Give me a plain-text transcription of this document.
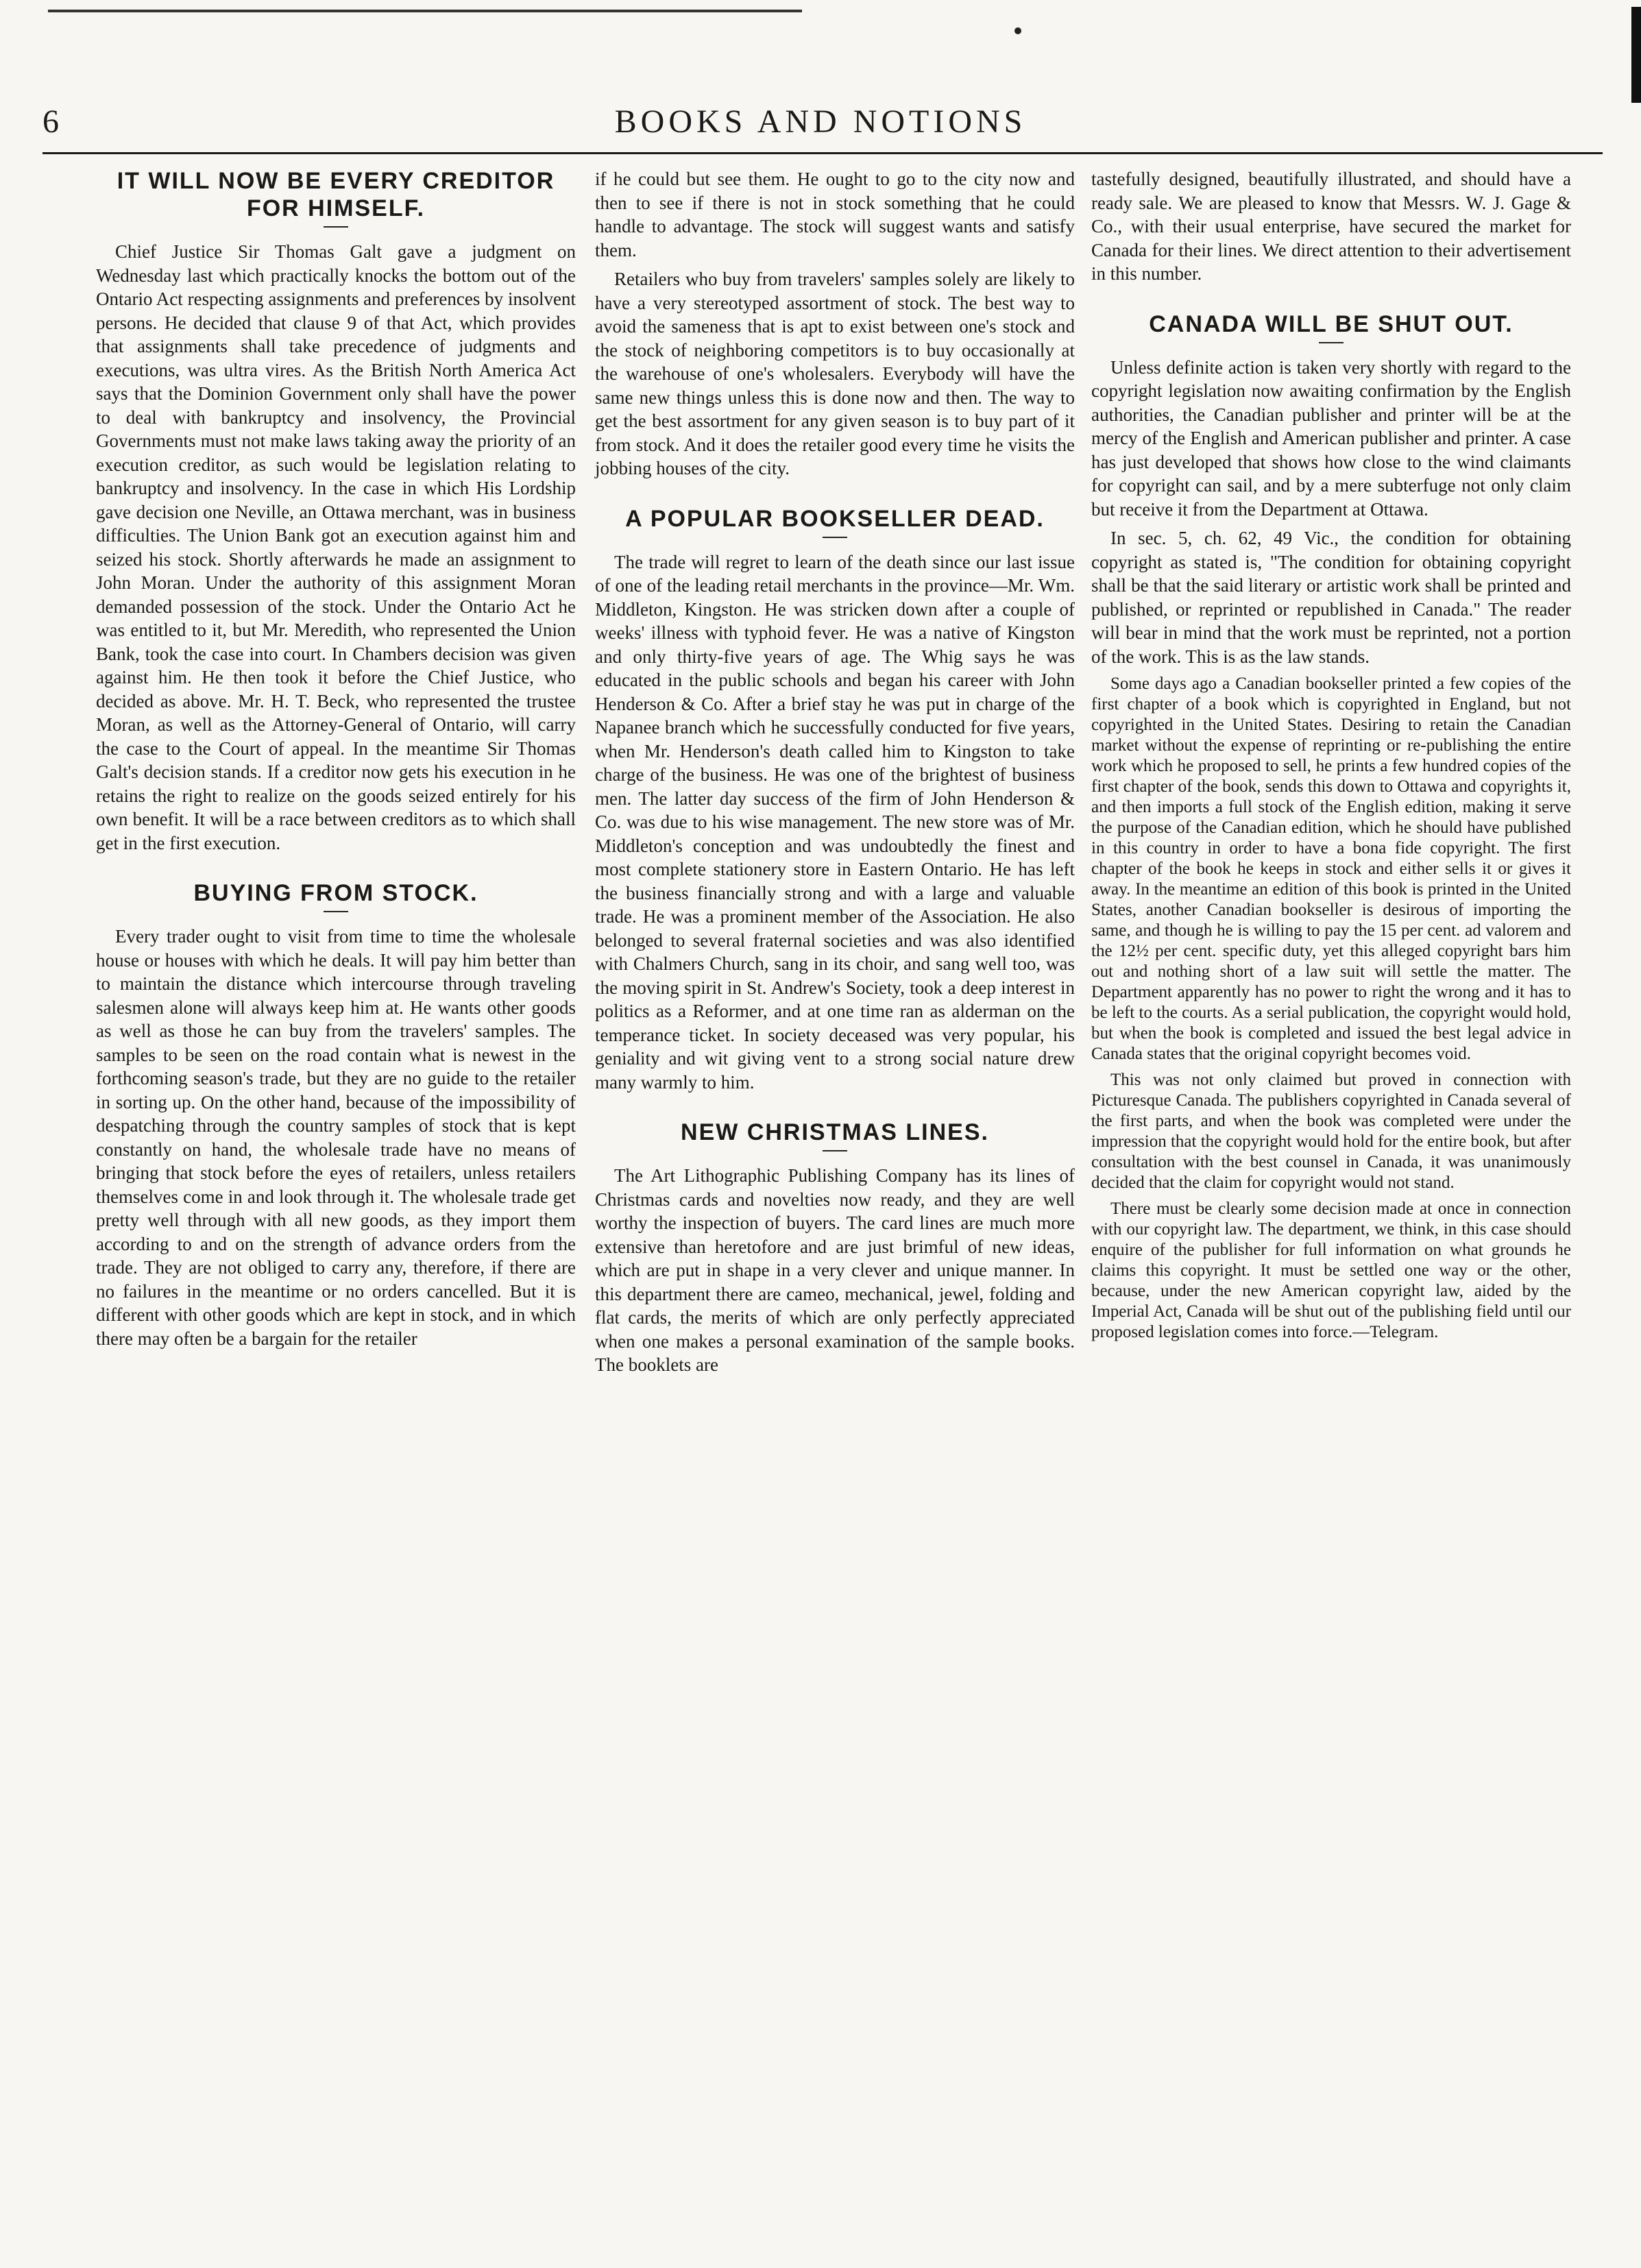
6	BOOKS AND NOTIONS
IT WILL NOW BE EVERY CREDITOR FOR HIMSELF.

Chief Justice Sir Thomas Galt gave a judgment on Wednesday last which practically knocks the bottom out of the Ontario Act respecting assignments and preferences by insolvent persons. He decided that clause 9 of that Act, which provides that assignments shall take precedence of judgments and executions, was ultra vires. As the British North America Act says that the Dominion Government only shall have the power to deal with bankruptcy and insolvency, the Provincial Governments must not make laws taking away the priority of an execution creditor, as such would be legislation relating to bankruptcy and insolvency. In the case in which His Lordship gave decision one Neville, an Ottawa merchant, was in business difficulties. The Union Bank got an execution against him and seized his stock. Shortly afterwards he made an assignment to John Moran. Under the authority of this assignment Moran demanded possession of the stock. Under the Ontario Act he was entitled to it, but Mr. Meredith, who represented the Union Bank, took the case into court. In Chambers decision was given against him. He then took it before the Chief Justice, who decided as above. Mr. H. T. Beck, who represented the trustee Moran, as well as the Attorney-General of Ontario, will carry the case to the Court of appeal. In the meantime Sir Thomas Galt's decision stands. If a creditor now gets his execution in he retains the right to realize on the goods seized entirely for his own benefit. It will be a race between creditors as to which shall get in the first execution.

BUYING FROM STOCK.

Every trader ought to visit from time to time the wholesale house or houses with which he deals. It will pay him better than to maintain the distance which intercourse through traveling salesmen alone will always keep him at. He wants other goods as well as those he can buy from the travelers' samples. The samples to be seen on the road contain what is newest in the forthcoming season's trade, but they are no guide to the retailer in sorting up. On the other hand, because of the impossibility of despatching through the country samples of stock that is kept constantly on hand, the wholesale trade have no means of bringing that stock before the eyes of retailers, unless retailers themselves come in and look through it. The wholesale trade get pretty well through with all new goods, as they import them according to and on the strength of advance orders from the trade. They are not obliged to carry any, therefore, if there are no failures in the meantime or no orders cancelled. But it is different with other goods which are kept in stock, and in which there may often be a bargain for the retailer

if he could but see them. He ought to go to the city now and then to see if there is not in stock something that he could handle to advantage. The stock will suggest wants and satisfy them.

Retailers who buy from travelers' samples solely are likely to have a very stereotyped assortment of stock. The best way to avoid the sameness that is apt to exist between one's stock and the stock of neighboring competitors is to buy occasionally at the warehouse of one's wholesalers. Everybody will have the same new things unless this is done now and then. The way to get the best assortment for any given season is to buy part of it from stock. And it does the retailer good every time he visits the jobbing houses of the city.

A POPULAR BOOKSELLER DEAD.

The trade will regret to learn of the death since our last issue of one of the leading retail merchants in the province—Mr. Wm. Middleton, Kingston. He was stricken down after a couple of weeks' illness with typhoid fever. He was a native of Kingston and only thirty-five years of age. The Whig says he was educated in the public schools and began his career with John Henderson & Co. After a brief stay he was put in charge of the Napanee branch which he successfully conducted for five years, when Mr. Henderson's death called him to Kingston to take charge of the business. He was one of the brightest of business men. The latter day success of the firm of John Henderson & Co. was due to his wise management. The new store was of Mr. Middleton's conception and was undoubtedly the finest and most complete stationery store in Eastern Ontario. He has left the business financially strong and with a large and valuable trade. He was a prominent member of the Association. He also belonged to several fraternal societies and was also identified with Chalmers Church, sang in its choir, and sang well too, was the moving spirit in St. Andrew's Society, took a deep interest in politics as a Reformer, and at one time ran as alderman on the temperance ticket. In society deceased was very popular, his geniality and wit giving vent to a strong social nature drew many warmly to him.

NEW CHRISTMAS LINES.

The Art Lithographic Publishing Company has its lines of Christmas cards and novelties now ready, and they are well worthy the inspection of buyers. The card lines are much more extensive than heretofore and are just brimful of new ideas, which are put in shape in a very clever and unique manner. In this department there are cameo, mechanical, jewel, folding and flat cards, the merits of which are only perfectly appreciated when one makes a personal examination of the sample books. The booklets are

tastefully designed, beautifully illustrated, and should have a ready sale. We are pleased to know that Messrs. W. J. Gage & Co., with their usual enterprise, have secured the market for Canada for their lines. We direct attention to their advertisement in this number.

CANADA WILL BE SHUT OUT.

Unless definite action is taken very shortly with regard to the copyright legislation now awaiting confirmation by the English authorities, the Canadian publisher and printer will be at the mercy of the English and American publisher and printer. A case has just developed that shows how close to the wind claimants for copyright can sail, and by a mere subterfuge not only claim but receive it from the Department at Ottawa.

In sec. 5, ch. 62, 49 Vic., the condition for obtaining copyright as stated is, "The condition for obtaining copyright shall be that the said literary or artistic work shall be printed and published, or reprinted or republished in Canada." The reader will bear in mind that the work must be reprinted, not a portion of the work. This is as the law stands.

Some days ago a Canadian bookseller printed a few copies of the first chapter of a book which is copyrighted in England, but not copyrighted in the United States. Desiring to retain the Canadian market without the expense of reprinting or re-publishing the entire work which he proposed to sell, he prints a few hundred copies of the first chapter of the book, sends this down to Ottawa and copyrights it, and then imports a full stock of the English edition, making it serve the purpose of the Canadian edition, which he should have published in this country in order to have a bona fide copyright. The first chapter of the book he keeps in stock and either sells it or gives it away. In the meantime an edition of this book is printed in the United States, another Canadian bookseller is desirous of importing the same, and though he is willing to pay the 15 per cent. ad valorem and the 12½ per cent. specific duty, yet this alleged copyright bars him out and nothing short of a law suit will settle the matter. The Department apparently has no power to right the wrong and it has to be left to the courts. As a serial publication, the copyright would hold, but when the book is completed and issued the best legal advice in Canada states that the original copyright becomes void.

This was not only claimed but proved in connection with Picturesque Canada. The publishers copyrighted in Canada several of the first parts, and when the book was completed were under the impression that the copyright would hold for the entire book, but after consultation with the best counsel in Canada, it was unanimously decided that the claim for copyright would not stand.

There must be clearly some decision made at once in connection with our copyright law. The department, we think, in this case should enquire of the publisher for full information on what grounds he claims this copyright. It must be settled one way or the other, because, under the new American copyright law, aided by the Imperial Act, Canada will be shut out of the publishing field until our proposed legislation comes into force.—Telegram.
